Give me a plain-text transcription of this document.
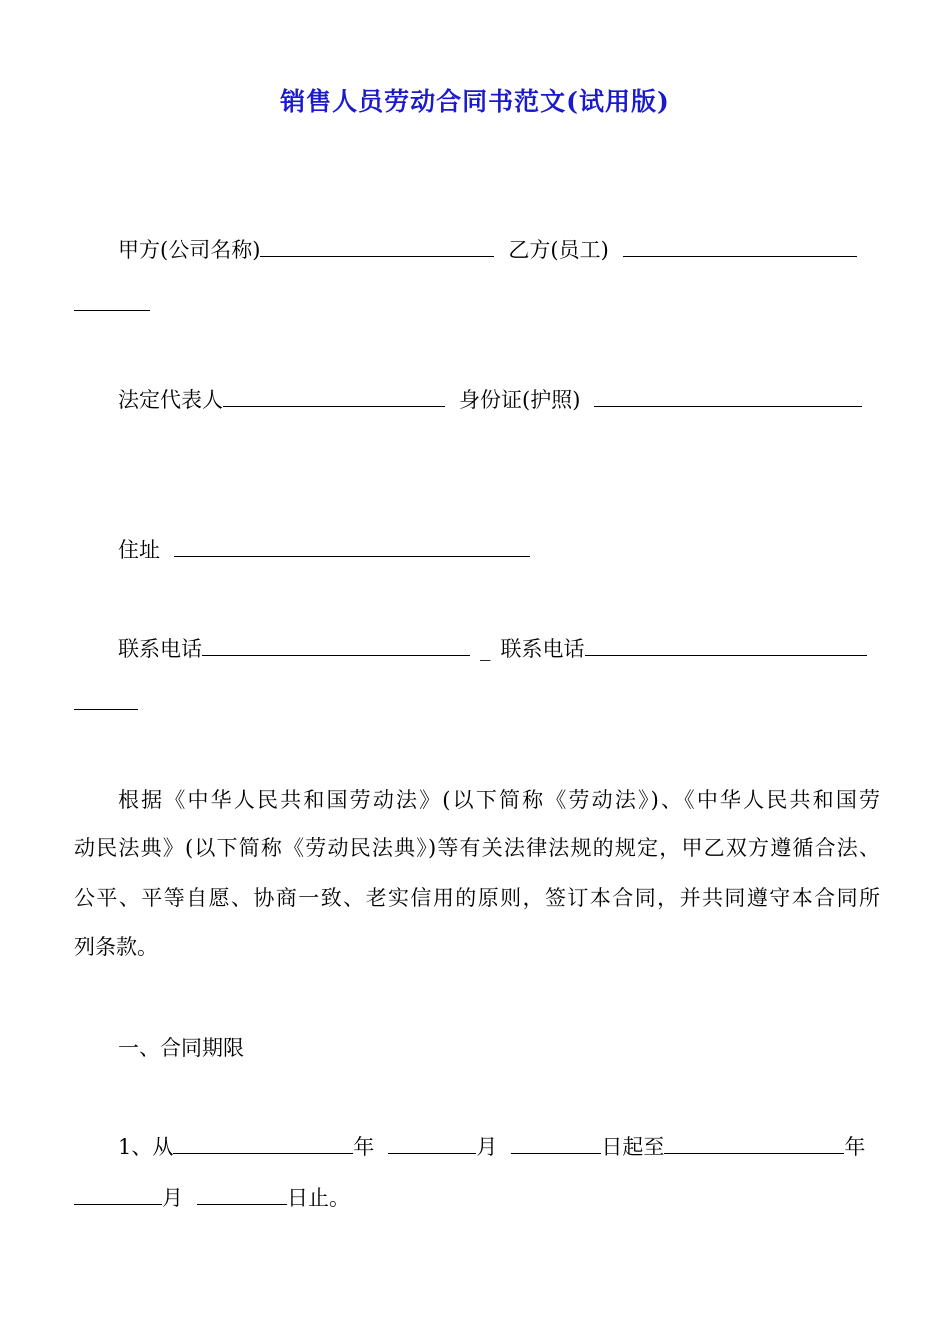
销售人员劳动合同书范文(试用版)
甲方(公司名称)	乙方(员工)
法定代表人	身份证(护照)
住址
联系电话	_ 联系电话
根据《中华人民共和国劳动法》(以下简称《劳动法》)、《中华人民共和国劳
动民法典》(以下简称《劳动民法典》)等有关法律法规的规定，甲乙双方遵循合法、
公平、平等自愿、协商一致、老实信用的原则，签订本合同，并共同遵守本合同所
列条款。
一、合同期限
1、从	年	月	日起至	年
月	日止。
